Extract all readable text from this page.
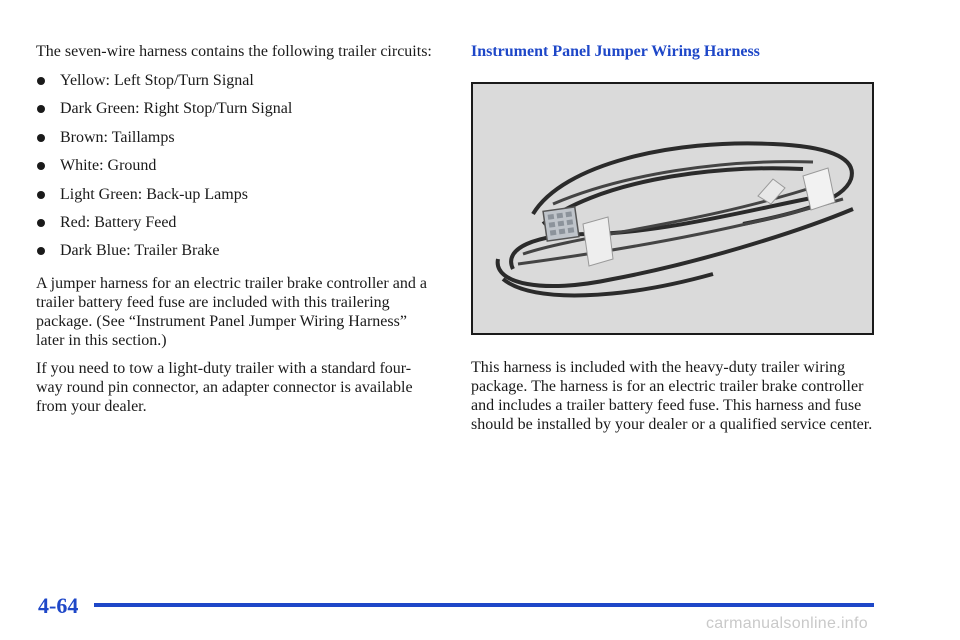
The seven-wire harness contains the following trailer circuits:

Yellow: Left Stop/Turn Signal
Dark Green: Right Stop/Turn Signal
Brown: Taillamps
White: Ground
Light Green: Back-up Lamps
Red: Battery Feed
Dark Blue: Trailer Brake

A jumper harness for an electric trailer brake controller and a trailer battery feed fuse are included with this trailering package. (See “Instrument Panel Jumper Wiring Harness” later in this section.)

If you need to tow a light-duty trailer with a standard four-way round pin connector, an adapter connector is available from your dealer.

Instrument Panel Jumper Wiring Harness

This harness is included with the heavy-duty trailer wiring package. The harness is for an electric trailer brake controller and includes a trailer battery feed fuse. This harness and fuse should be installed by your dealer or a qualified service center.

4-64
carmanualsonline.info
